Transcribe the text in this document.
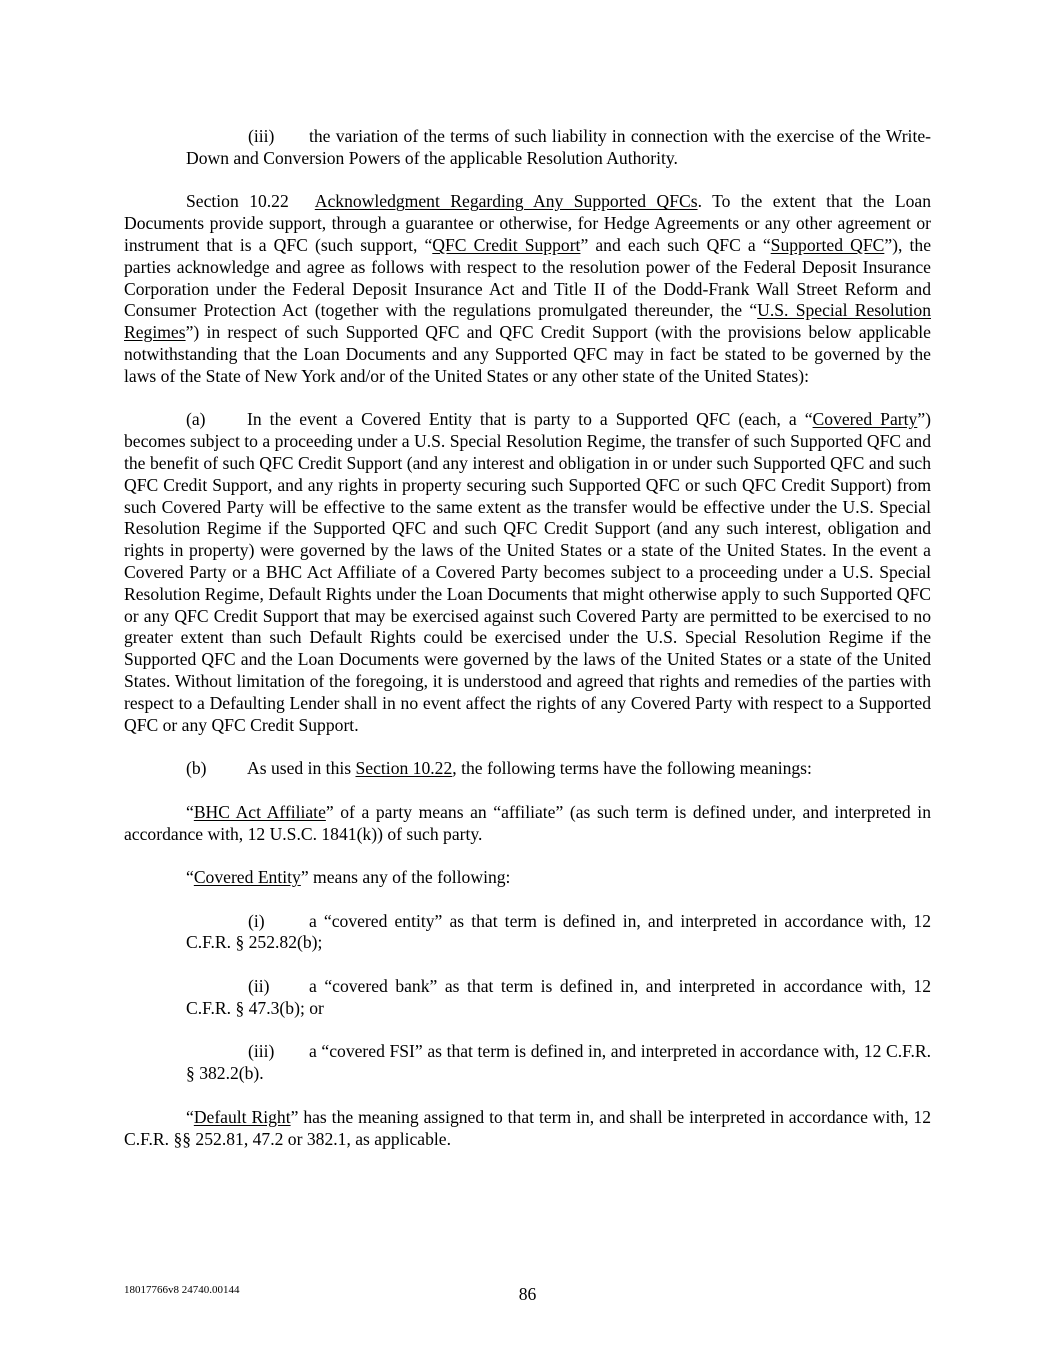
(iii) the variation of the terms of such liability in connection with the exercise of the Write-Down and Conversion Powers of the applicable Resolution Authority.

Section 10.22 Acknowledgment Regarding Any Supported QFCs. To the extent that the Loan Documents provide support, through a guarantee or otherwise, for Hedge Agreements or any other agreement or instrument that is a QFC (such support, “QFC Credit Support” and each such QFC a “Supported QFC”), the parties acknowledge and agree as follows with respect to the resolution power of the Federal Deposit Insurance Corporation under the Federal Deposit Insurance Act and Title II of the Dodd-Frank Wall Street Reform and Consumer Protection Act (together with the regulations promulgated thereunder, the “U.S. Special Resolution Regimes”) in respect of such Supported QFC and QFC Credit Support (with the provisions below applicable notwithstanding that the Loan Documents and any Supported QFC may in fact be stated to be governed by the laws of the State of New York and/or of the United States or any other state of the United States):

(a) In the event a Covered Entity that is party to a Supported QFC (each, a “Covered Party”) becomes subject to a proceeding under a U.S. Special Resolution Regime, the transfer of such Supported QFC and the benefit of such QFC Credit Support (and any interest and obligation in or under such Supported QFC and such QFC Credit Support, and any rights in property securing such Supported QFC or such QFC Credit Support) from such Covered Party will be effective to the same extent as the transfer would be effective under the U.S. Special Resolution Regime if the Supported QFC and such QFC Credit Support (and any such interest, obligation and rights in property) were governed by the laws of the United States or a state of the United States. In the event a Covered Party or a BHC Act Affiliate of a Covered Party becomes subject to a proceeding under a U.S. Special Resolution Regime, Default Rights under the Loan Documents that might otherwise apply to such Supported QFC or any QFC Credit Support that may be exercised against such Covered Party are permitted to be exercised to no greater extent than such Default Rights could be exercised under the U.S. Special Resolution Regime if the Supported QFC and the Loan Documents were governed by the laws of the United States or a state of the United States. Without limitation of the foregoing, it is understood and agreed that rights and remedies of the parties with respect to a Defaulting Lender shall in no event affect the rights of any Covered Party with respect to a Supported QFC or any QFC Credit Support.

(b) As used in this Section 10.22, the following terms have the following meanings:

“BHC Act Affiliate” of a party means an “affiliate” (as such term is defined under, and interpreted in accordance with, 12 U.S.C. 1841(k)) of such party.

“Covered Entity” means any of the following:

(i)	a “covered entity” as that term is defined in, and interpreted in accordance with, 12 C.F.R. § 252.82(b);

(ii) a “covered bank” as that term is defined in, and interpreted in accordance with, 12 C.F.R. § 47.3(b); or

(iii) a “covered FSI” as that term is defined in, and interpreted in accordance with, 12 C.F.R. § 382.2(b).

“Default Right” has the meaning assigned to that term in, and shall be interpreted in accordance with, 12 C.F.R. §§ 252.81, 47.2 or 382.1, as applicable.

18017766v8 24740.00144	86
